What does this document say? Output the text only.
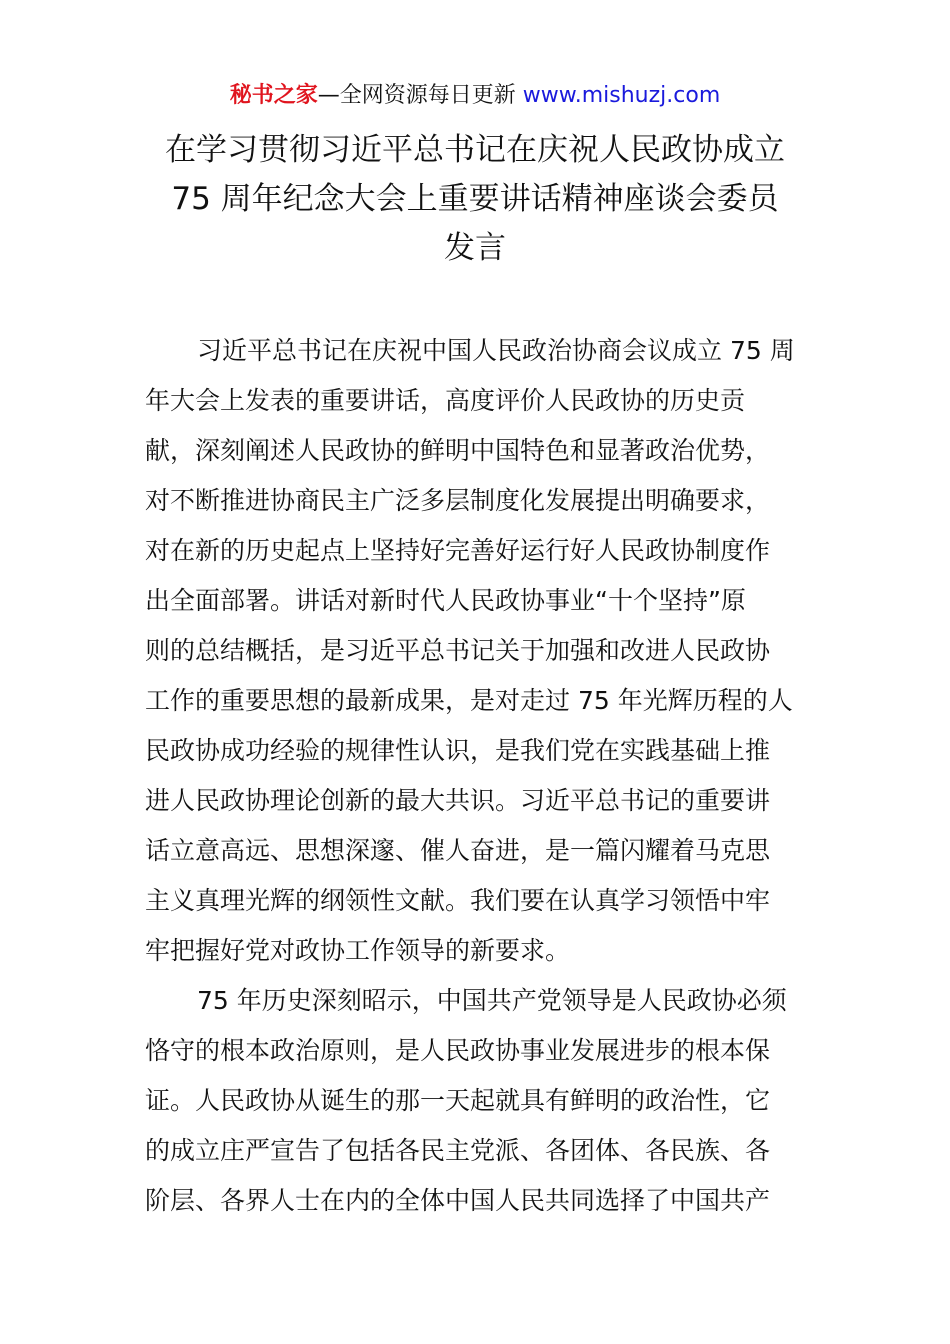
秘书之家—全网资源每日更新 www.mishuzj.com
在学习贯彻习近平总书记在庆祝人民政协成立
75 周年纪念大会上重要讲话精神座谈会委员
发言
习近平总书记在庆祝中国人民政治协商会议成立 75 周
年大会上发表的重要讲话，高度评价人民政协的历史贡
献，深刻阐述人民政协的鲜明中国特色和显著政治优势，
对不断推进协商民主广泛多层制度化发展提出明确要求，
对在新的历史起点上坚持好完善好运行好人民政协制度作
出全面部署。讲话对新时代人民政协事业“十个坚持”原
则的总结概括，是习近平总书记关于加强和改进人民政协
工作的重要思想的最新成果，是对走过 75 年光辉历程的人
民政协成功经验的规律性认识，是我们党在实践基础上推
进人民政协理论创新的最大共识。习近平总书记的重要讲
话立意高远、思想深邃、催人奋进，是一篇闪耀着马克思
主义真理光辉的纲领性文献。我们要在认真学习领悟中牢
牢把握好党对政协工作领导的新要求。
75 年历史深刻昭示，中国共产党领导是人民政协必须
恪守的根本政治原则，是人民政协事业发展进步的根本保
证。人民政协从诞生的那一天起就具有鲜明的政治性，它
的成立庄严宣告了包括各民主党派、各团体、各民族、各
阶层、各界人士在内的全体中国人民共同选择了中国共产
